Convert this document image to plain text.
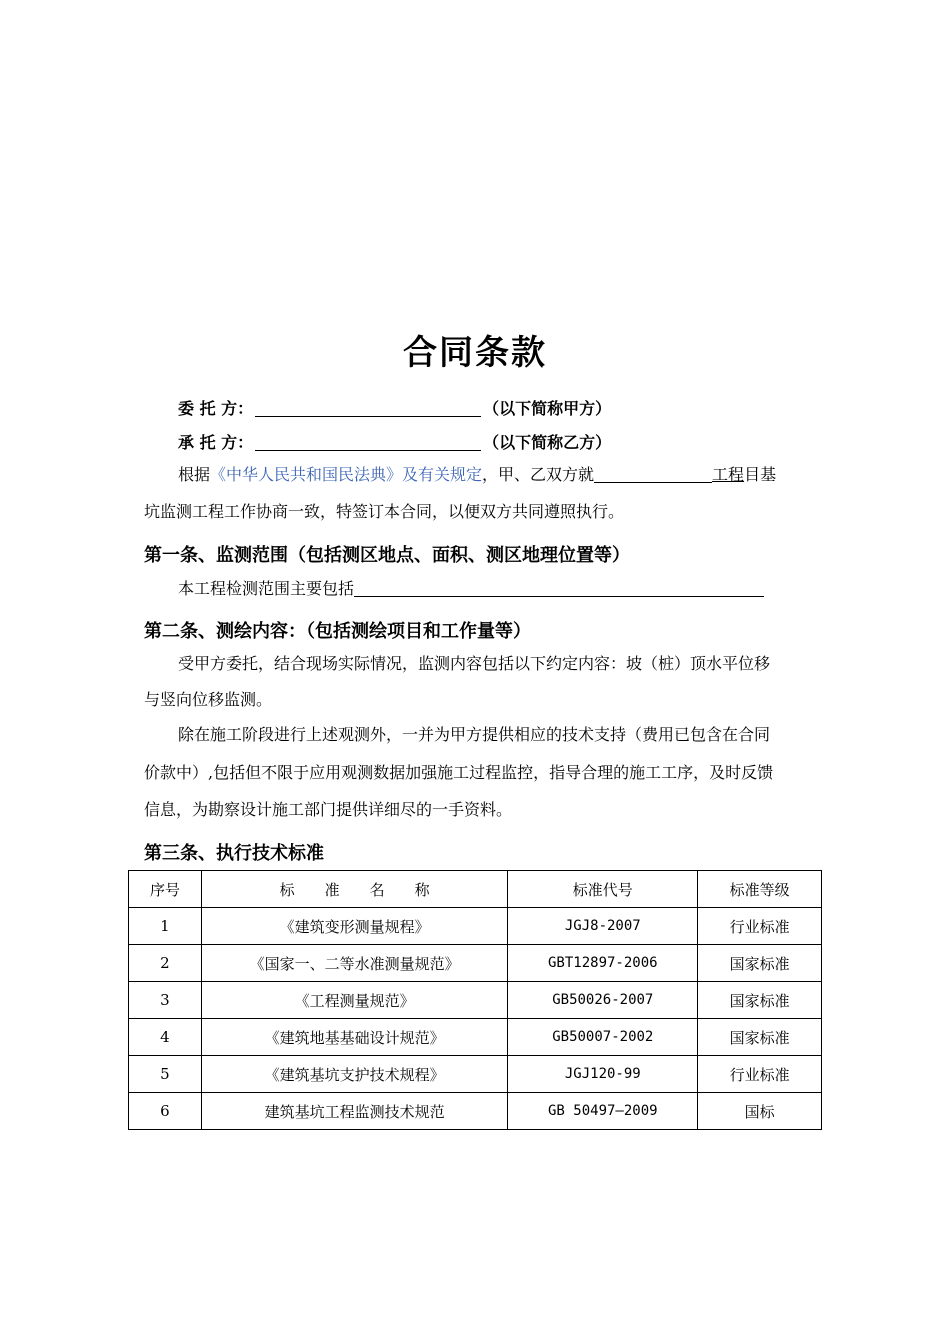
合同条款
委 托 方：	（以下简称甲方）
承 托 方：	（以下简称乙方）
根据《中华人民共和国民法典》及有关规定，甲、乙双方就	工程目基
坑监测工程工作协商一致，特签订本合同，以便双方共同遵照执行。
第一条、监测范围（包括测区地点、面积、测区地理位置等）
本工程检测范围主要包括
第二条、测绘内容：（包括测绘项目和工作量等）
受甲方委托，结合现场实际情况，监测内容包括以下约定内容：坡（桩）顶水平位移
与竖向位移监测。
除在施工阶段进行上述观测外，一并为甲方提供相应的技术支持（费用已包含在合同
价款中）,包括但不限于应用观测数据加强施工过程监控，指导合理的施工工序，及时反馈
信息，为勘察设计施工部门提供详细尽的一手资料。
第三条、执行技术标准
序号	标　　准　　名　　称	标准代号	标准等级
1	《建筑变形测量规程》	JGJ8-2007	行业标准
2	《国家一、二等水准测量规范》	GBT12897-2006	国家标准
3	《工程测量规范》	GB50026-2007	国家标准
4	《建筑地基基础设计规范》	GB50007-2002	国家标准
5	《建筑基坑支护技术规程》	JGJ120-99	行业标准
6	建筑基坑工程监测技术规范	GB 50497—2009	国标
